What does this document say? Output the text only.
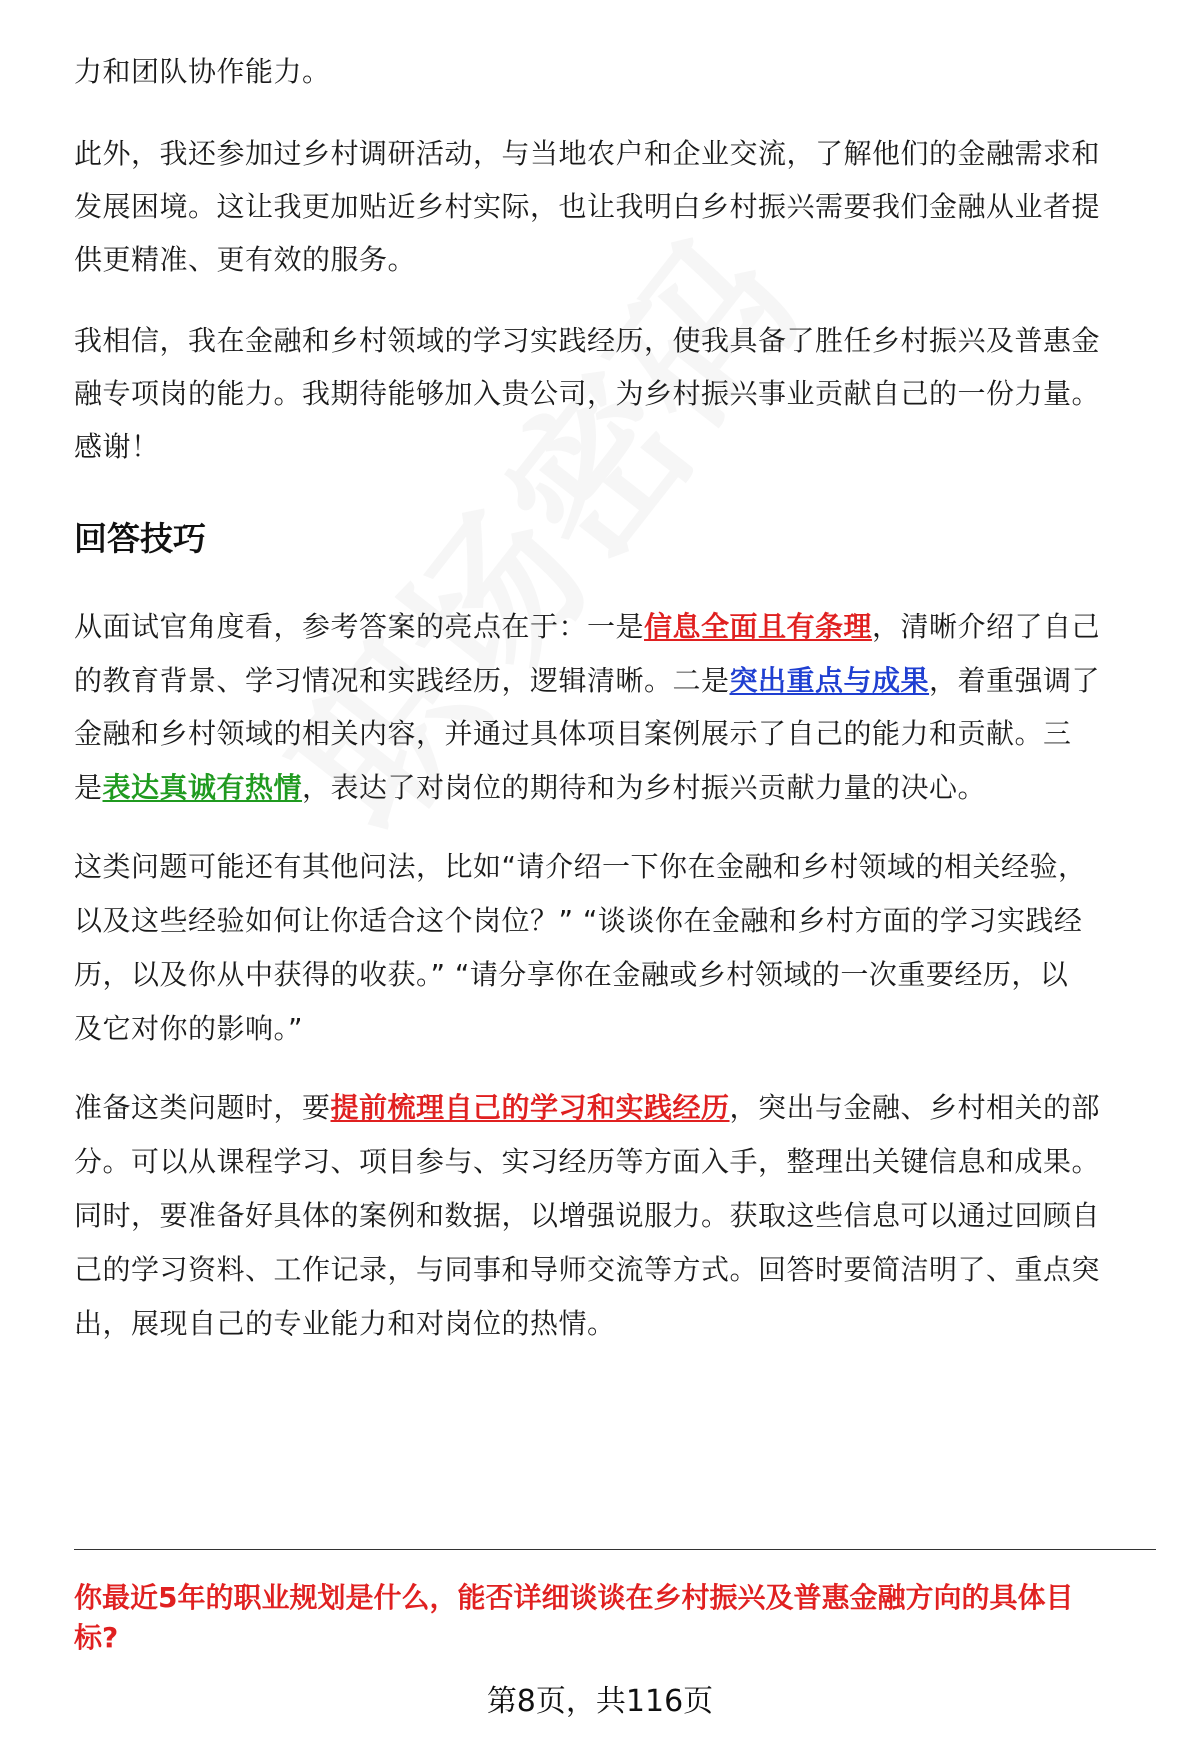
力和团队协作能力。

此外，我还参加过乡村调研活动，与当地农户和企业交流，了解他们的金融需求和

发展困境。这让我更加贴近乡村实际，也让我明白乡村振兴需要我们金融从业者提

供更精准、更有效的服务。

我相信，我在金融和乡村领域的学习实践经历，使我具备了胜任乡村振兴及普惠金

融专项岗的能力。我期待能够加入贵公司，为乡村振兴事业贡献自己的一份力量。

感谢！

回答技巧

从面试官角度看，参考答案的亮点在于：一是信息全面且有条理，清晰介绍了自己

的教育背景、学习情况和实践经历，逻辑清晰。二是突出重点与成果，着重强调了

金融和乡村领域的相关内容，并通过具体项目案例展示了自己的能力和贡献。三

是表达真诚有热情，表达了对岗位的期待和为乡村振兴贡献力量的决心。

这类问题可能还有其他问法，比如“请介绍一下你在金融和乡村领域的相关经验，

以及这些经验如何让你适合这个岗位？” “谈谈你在金融和乡村方面的学习实践经

历，以及你从中获得的收获。” “请分享你在金融或乡村领域的一次重要经历，以

及它对你的影响。”

准备这类问题时，要提前梳理自己的学习和实践经历，突出与金融、乡村相关的部

分。可以从课程学习、项目参与、实习经历等方面入手，整理出关键信息和成果。

同时，要准备好具体的案例和数据，以增强说服力。获取这些信息可以通过回顾自

己的学习资料、工作记录，与同事和导师交流等方式。回答时要简洁明了、重点突

出，展现自己的专业能力和对岗位的热情。

你最近5年的职业规划是什么，能否详细谈谈在乡村振兴及普惠金融方向的具体目
标?
第8页，共116页
